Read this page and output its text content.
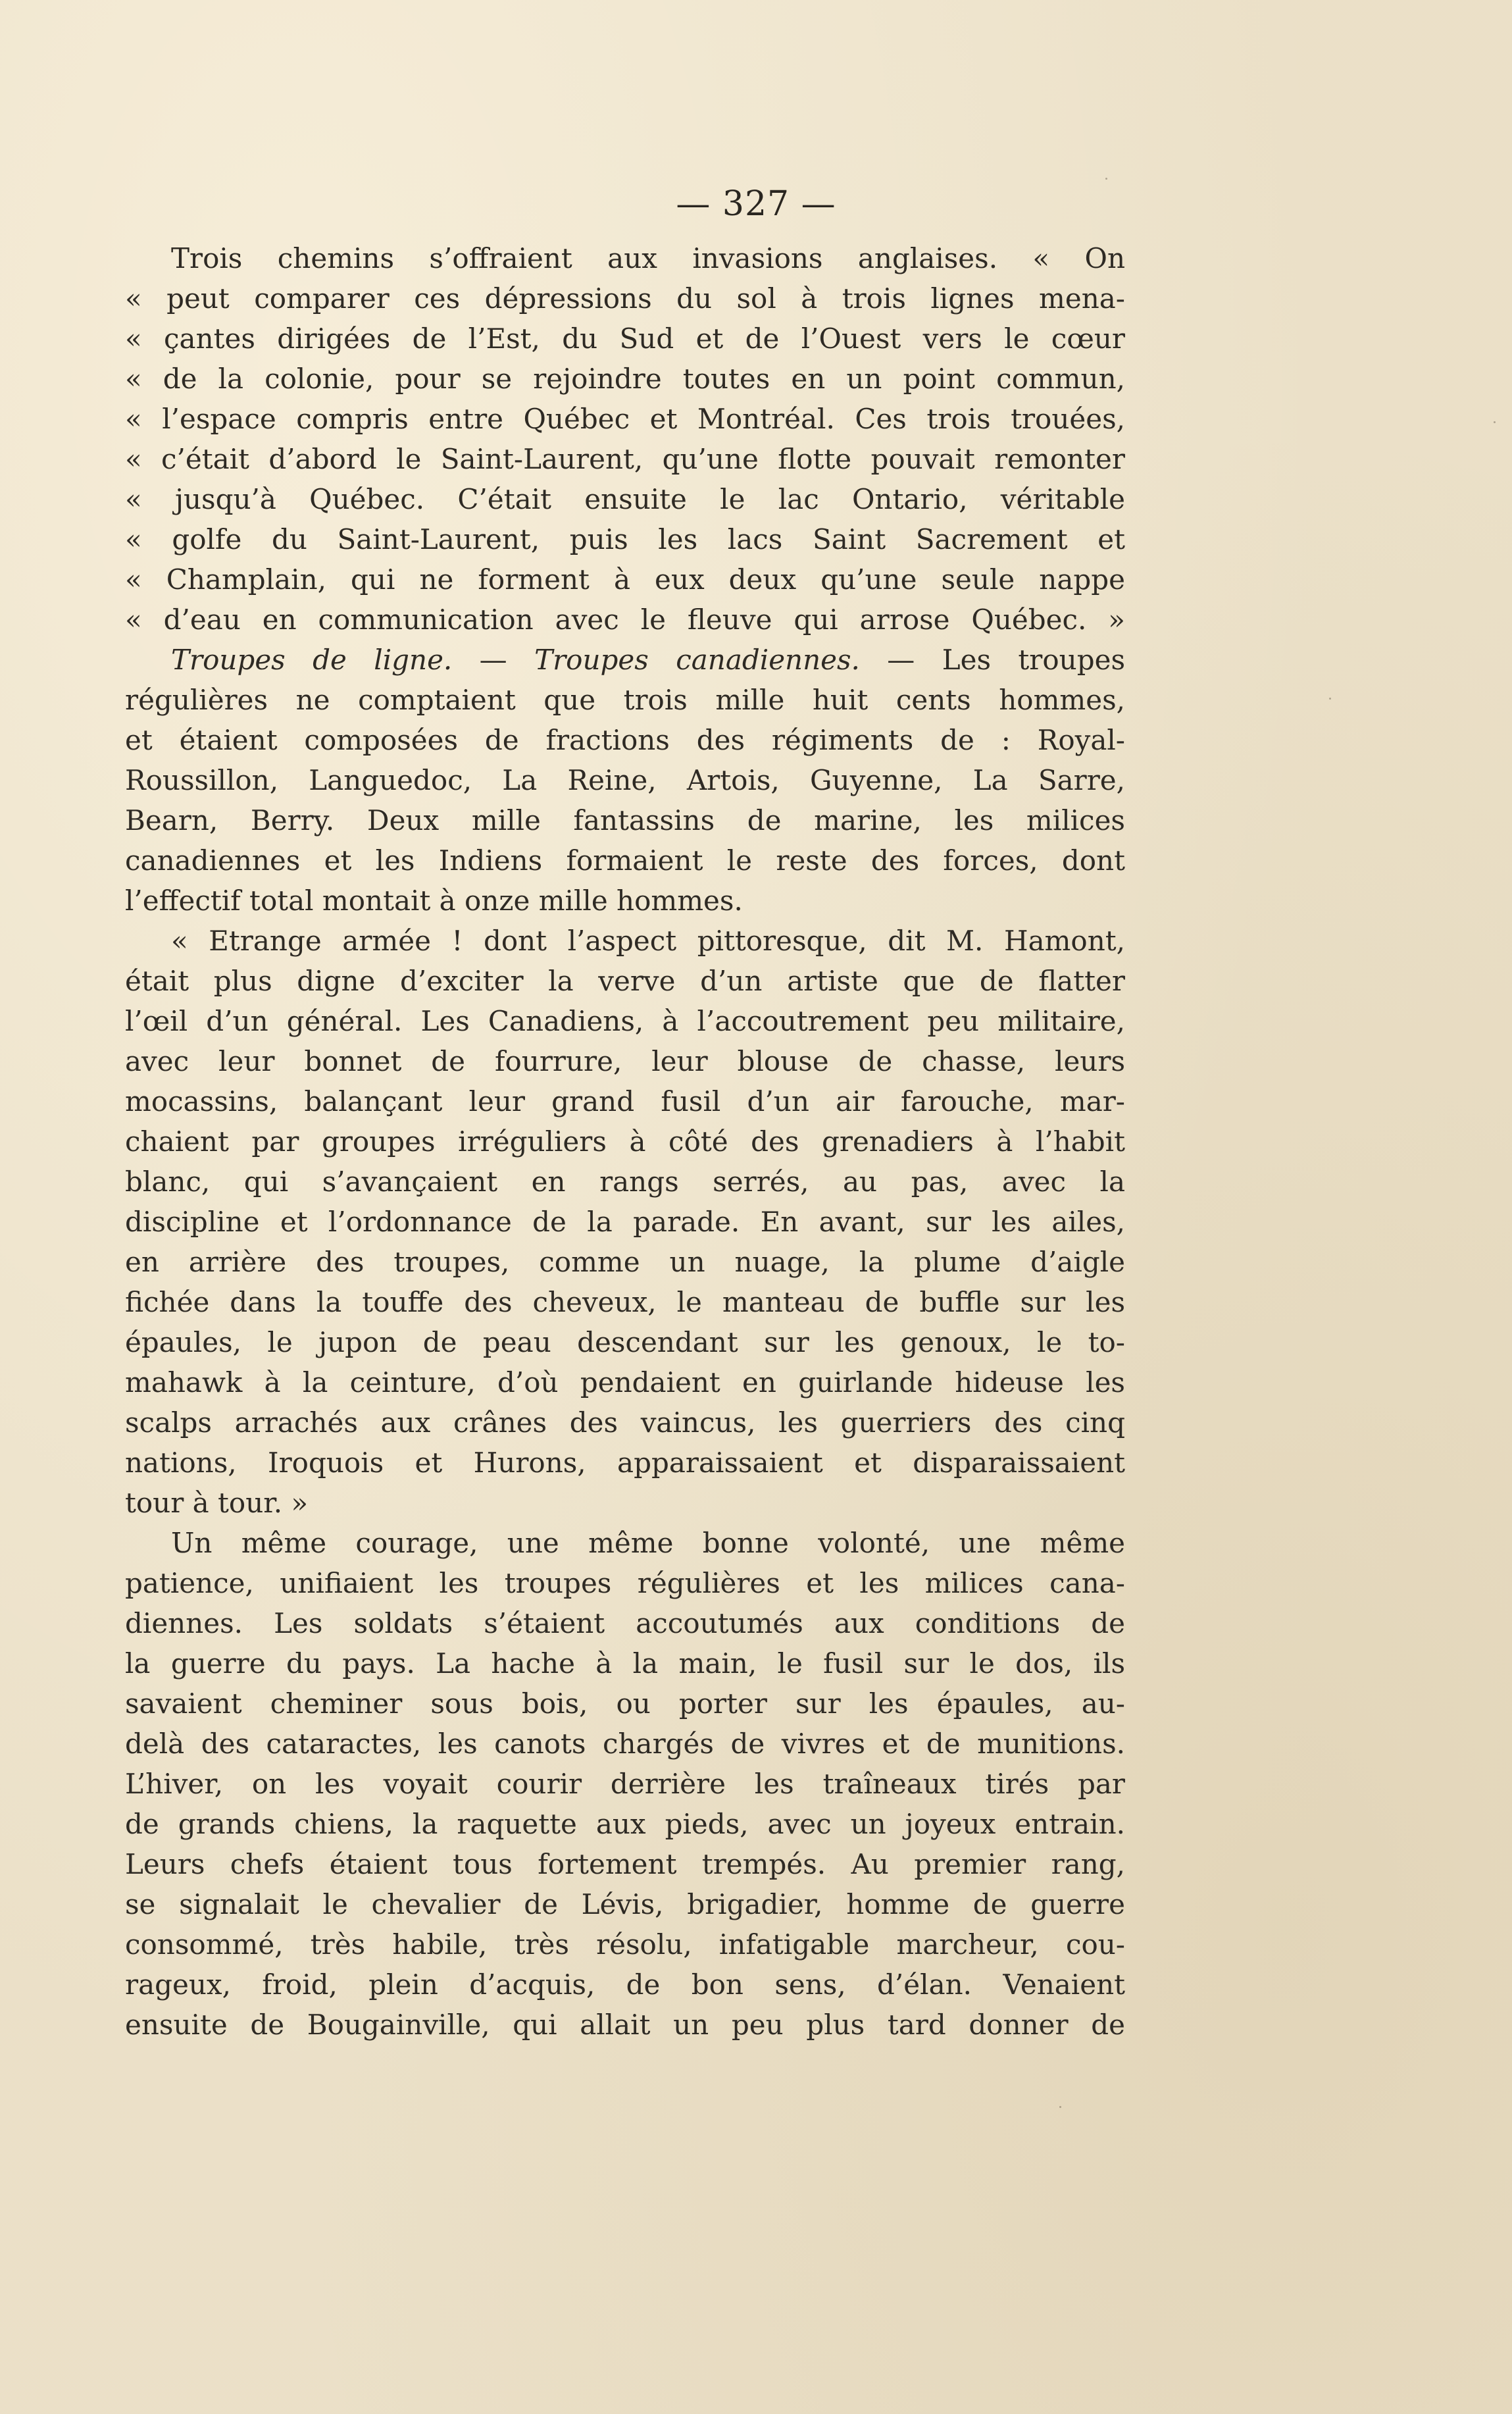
— 327 —
Trois chemins s’offraient aux invasions anglaises. « On
« peut comparer ces dépressions du sol à trois lignes mena-
« çantes dirigées de l’Est, du Sud et de l’Ouest vers le cœur
« de la colonie, pour se rejoindre toutes en un point commun,
« l’espace compris entre Québec et Montréal. Ces trois trouées,
« c’était d’abord le Saint-Laurent, qu’une flotte pouvait remonter
« jusqu’à Québec. C’était ensuite le lac Ontario, véritable
« golfe du Saint-Laurent, puis les lacs Saint Sacrement et
« Champlain, qui ne forment à eux deux qu’une seule nappe
« d’eau en communication avec le fleuve qui arrose Québec. »
Troupes de ligne. — Troupes canadiennes. — Les troupes
régulières ne comptaient que trois mille huit cents hommes,
et étaient composées de fractions des régiments de : Royal-
Roussillon, Languedoc, La Reine, Artois, Guyenne, La Sarre,
Bearn, Berry. Deux mille fantassins de marine, les milices
canadiennes et les Indiens formaient le reste des forces, dont
l’effectif total montait à onze mille hommes.
« Etrange armée ! dont l’aspect pittoresque, dit M. Hamont,
était plus digne d’exciter la verve d’un artiste que de flatter
l’œil d’un général. Les Canadiens, à l’accoutrement peu militaire,
avec leur bonnet de fourrure, leur blouse de chasse, leurs
mocassins, balançant leur grand fusil d’un air farouche, mar-
chaient par groupes irréguliers à côté des grenadiers à l’habit
blanc, qui s’avançaient en rangs serrés, au pas, avec la
discipline et l’ordonnance de la parade. En avant, sur les ailes,
en arrière des troupes, comme un nuage, la plume d’aigle
fichée dans la touffe des cheveux, le manteau de buffle sur les
épaules, le jupon de peau descendant sur les genoux, le to-
mahawk à la ceinture, d’où pendaient en guirlande hideuse les
scalps arrachés aux crânes des vaincus, les guerriers des cinq
nations, Iroquois et Hurons, apparaissaient et disparaissaient
tour à tour. »
Un même courage, une même bonne volonté, une même
patience, unifiaient les troupes régulières et les milices cana-
diennes. Les soldats s’étaient accoutumés aux conditions de
la guerre du pays. La hache à la main, le fusil sur le dos, ils
savaient cheminer sous bois, ou porter sur les épaules, au-
delà des cataractes, les canots chargés de vivres et de munitions.
L’hiver, on les voyait courir derrière les traîneaux tirés par
de grands chiens, la raquette aux pieds, avec un joyeux entrain.
Leurs chefs étaient tous fortement trempés. Au premier rang,
se signalait le chevalier de Lévis, brigadier, homme de guerre
consommé, très habile, très résolu, infatigable marcheur, cou-
rageux, froid, plein d’acquis, de bon sens, d’élan. Venaient
ensuite de Bougainville, qui allait un peu plus tard donner de
